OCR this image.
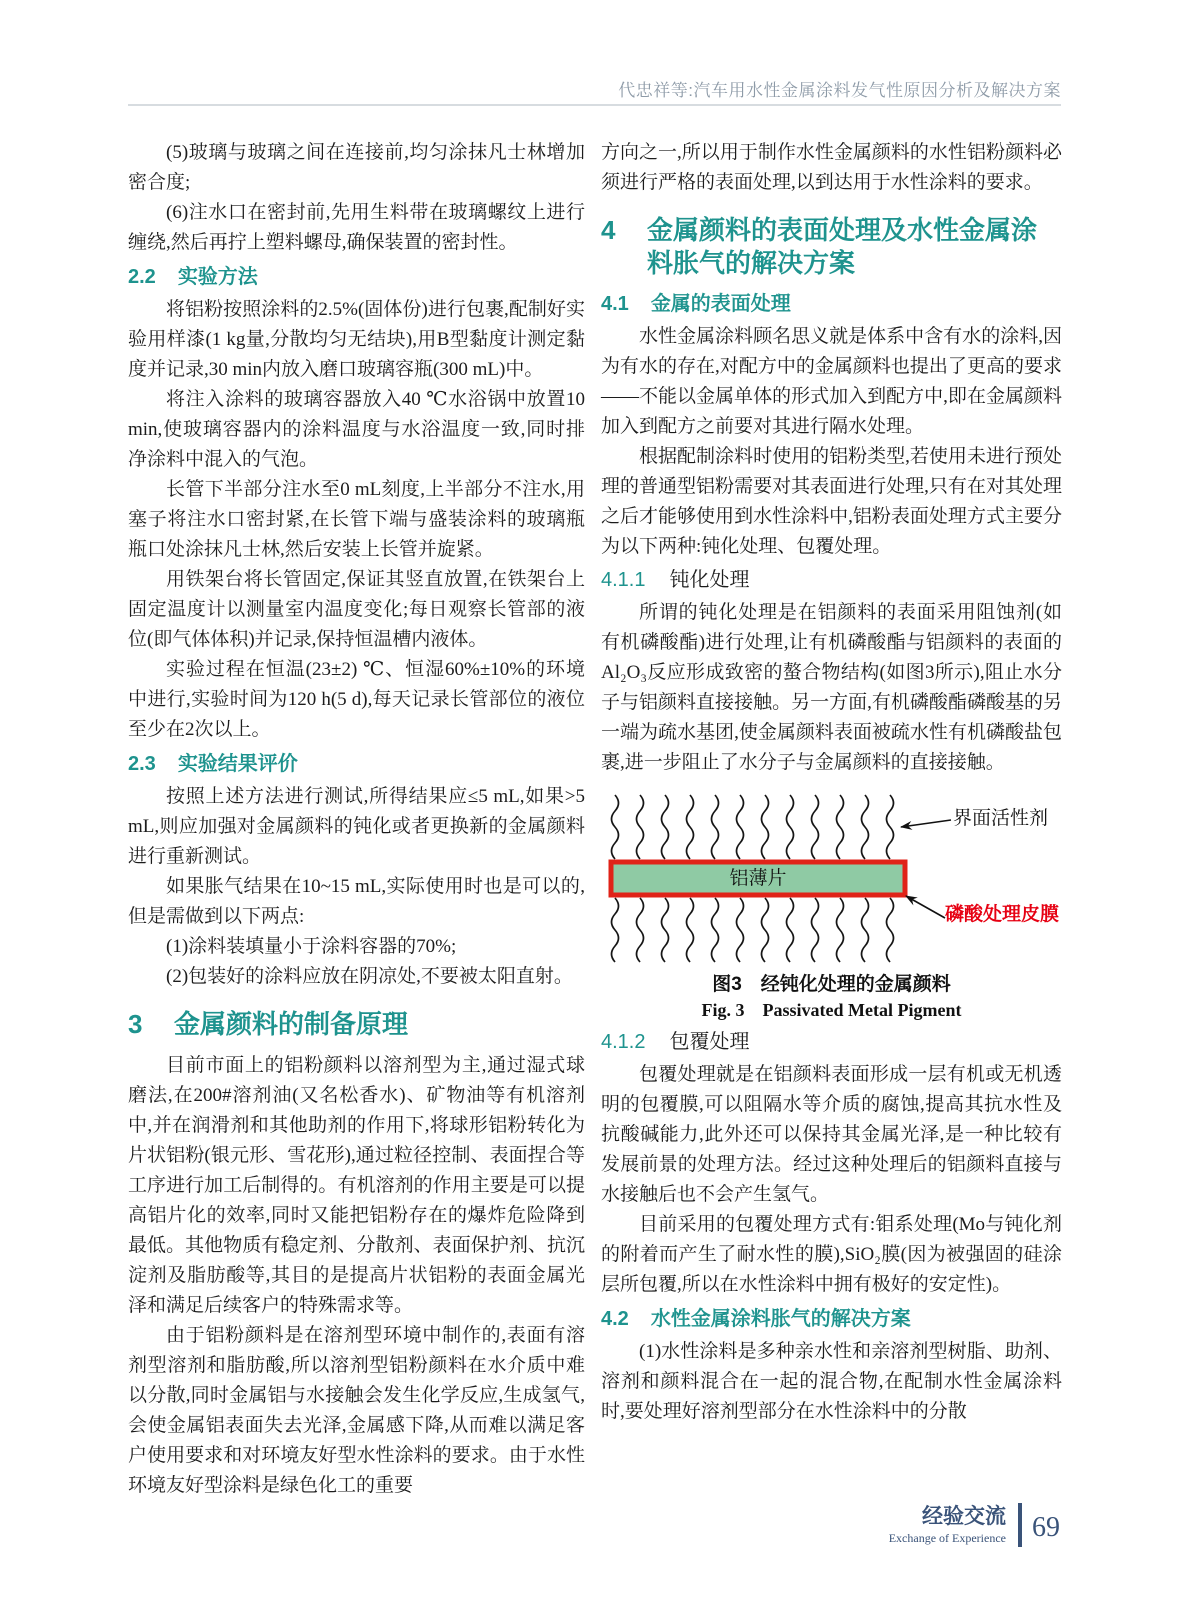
代忠祥等:汽车用水性金属涂料发气性原因分析及解决方案

(5)玻璃与玻璃之间在连接前,均匀涂抹凡士林增加密合度;

(6)注水口在密封前,先用生料带在玻璃螺纹上进行缠绕,然后再拧上塑料螺母,确保装置的密封性。

2.2 实验方法

将铝粉按照涂料的2.5%(固体份)进行包裹,配制好实验用样漆(1 kg量,分散均匀无结块),用B型黏度计测定黏度并记录,30 min内放入磨口玻璃容瓶(300 mL)中。

将注入涂料的玻璃容器放入40 ℃水浴锅中放置10 min,使玻璃容器内的涂料温度与水浴温度一致,同时排净涂料中混入的气泡。

长管下半部分注水至0 mL刻度,上半部分不注水,用塞子将注水口密封紧,在长管下端与盛装涂料的玻璃瓶瓶口处涂抹凡士林,然后安装上长管并旋紧。

用铁架台将长管固定,保证其竖直放置,在铁架台上固定温度计以测量室内温度变化;每日观察长管部的液位(即气体体积)并记录,保持恒温槽内液体。

实验过程在恒温(23±2) ℃、恒湿60%±10%的环境中进行,实验时间为120 h(5 d),每天记录长管部位的液位至少在2次以上。

2.3 实验结果评价

按照上述方法进行测试,所得结果应≤5 mL,如果>5 mL,则应加强对金属颜料的钝化或者更换新的金属颜料进行重新测试。

如果胀气结果在10~15 mL,实际使用时也是可以的,但是需做到以下两点:

(1)涂料装填量小于涂料容器的70%;

(2)包装好的涂料应放在阴凉处,不要被太阳直射。

3	金属颜料的制备原理

目前市面上的铝粉颜料以溶剂型为主,通过湿式球磨法,在200#溶剂油(又名松香水)、矿物油等有机溶剂中,并在润滑剂和其他助剂的作用下,将球形铝粉转化为片状铝粉(银元形、雪花形),通过粒径控制、表面捏合等工序进行加工后制得的。有机溶剂的作用主要是可以提高铝片化的效率,同时又能把铝粉存在的爆炸危险降到最低。其他物质有稳定剂、分散剂、表面保护剂、抗沉淀剂及脂肪酸等,其目的是提高片状铝粉的表面金属光泽和满足后续客户的特殊需求等。

由于铝粉颜料是在溶剂型环境中制作的,表面有溶剂型溶剂和脂肪酸,所以溶剂型铝粉颜料在水介质中难以分散,同时金属铝与水接触会发生化学反应,生成氢气,会使金属铝表面失去光泽,金属感下降,从而难以满足客户使用要求和对环境友好型水性涂料的要求。由于水性环境友好型涂料是绿色化工的重要

方向之一,所以用于制作水性金属颜料的水性铝粉颜料必须进行严格的表面处理,以到达用于水性涂料的要求。

4	金属颜料的表面处理及水性金属涂料胀气的解决方案
4.1 金属的表面处理

水性金属涂料顾名思义就是体系中含有水的涂料,因为有水的存在,对配方中的金属颜料也提出了更高的要求——不能以金属单体的形式加入到配方中,即在金属颜料加入到配方之前要对其进行隔水处理。

根据配制涂料时使用的铝粉类型,若使用未进行预处理的普通型铝粉需要对其表面进行处理,只有在对其处理之后才能够使用到水性涂料中,铝粉表面处理方式主要分为以下两种:钝化处理、包覆处理。

4.1.1 钝化处理

所谓的钝化处理是在铝颜料的表面采用阻蚀剂(如有机磷酸酯)进行处理,让有机磷酸酯与铝颜料的表面的Al₂O₃反应形成致密的螯合物结构(如图3所示),阻止水分子与铝颜料直接接触。另一方面,有机磷酸酯磷酸基的另一端为疏水基团,使金属颜料表面被疏水性有机磷酸盐包裹,进一步阻止了水分子与金属颜料的直接接触。

铝薄片
界面活性剂
磷酸处理皮膜
图3　经钝化处理的金属颜料
Fig. 3　Passivated Metal Pigment
4.1.2 包覆处理

包覆处理就是在铝颜料表面形成一层有机或无机透明的包覆膜,可以阻隔水等介质的腐蚀,提高其抗水性及抗酸碱能力,此外还可以保持其金属光泽,是一种比较有发展前景的处理方法。经过这种处理后的铝颜料直接与水接触后也不会产生氢气。

目前采用的包覆处理方式有:钼系处理(Mo与钝化剂的附着而产生了耐水性的膜),SiO₂膜(因为被强固的硅涂层所包覆,所以在水性涂料中拥有极好的安定性)。

4.2 水性金属涂料胀气的解决方案

(1)水性涂料是多种亲水性和亲溶剂型树脂、助剂、溶剂和颜料混合在一起的混合物,在配制水性金属涂料时,要处理好溶剂型部分在水性涂料中的分散

经验交流
Exchange of Experience 69
